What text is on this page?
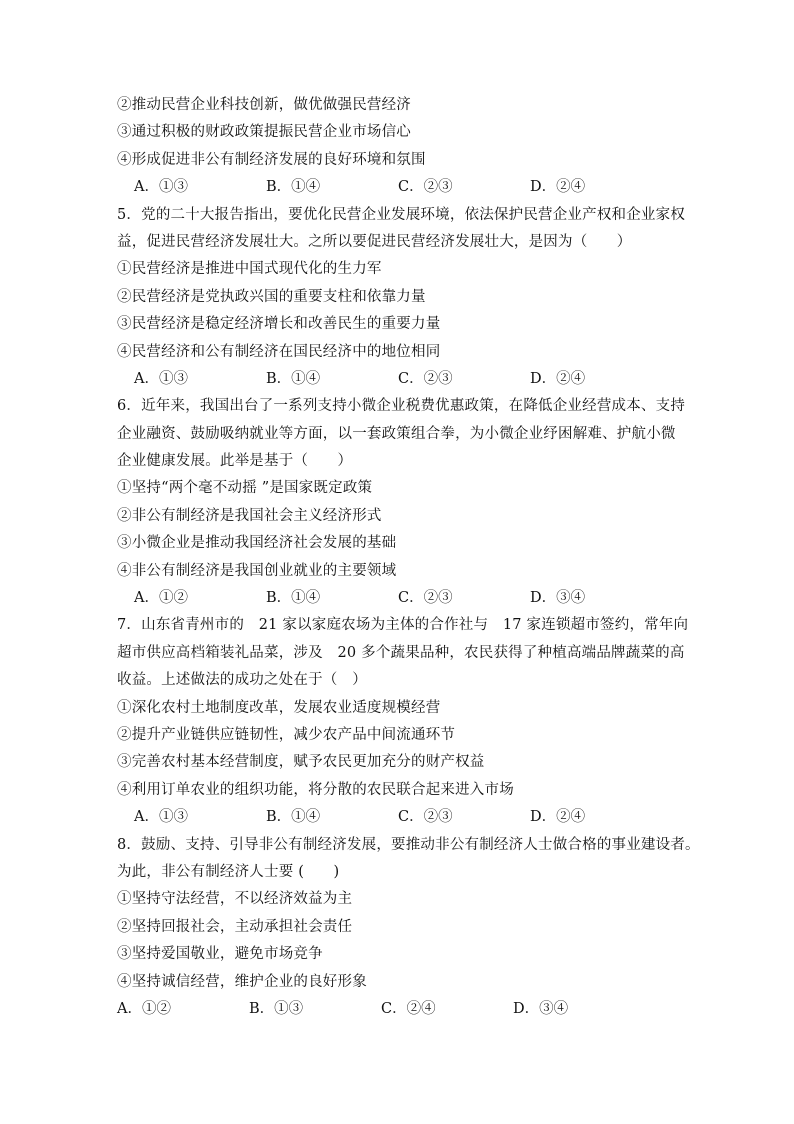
②推动民营企业科技创新，做优做强民营经济
③通过积极的财政政策提振民营企业市场信心
④形成促进非公有制经济发展的良好环境和氛围
A．①③	B．①④	C．②③	D．②④
5．党的二十大报告指出，要优化民营企业发展环境，依法保护民营企业产权和企业家权
益，促进民营经济发展壮大。之所以要促进民营经济发展壮大，是因为（　　）
①民营经济是推进中国式现代化的生力军
②民营经济是党执政兴国的重要支柱和依靠力量
③民营经济是稳定经济增长和改善民生的重要力量
④民营经济和公有制经济在国民经济中的地位相同
A．①③	B．①④	C．②③	D．②④
6．近年来，我国出台了一系列支持小微企业税费优惠政策，在降低企业经营成本、支持
企业融资、鼓励吸纳就业等方面，以一套政策组合拳，为小微企业纾困解难、护航小微
企业健康发展。此举是基于（　　）
①坚持“两个毫不动摇 ”是国家既定政策
②非公有制经济是我国社会主义经济形式
③小微企业是推动我国经济社会发展的基础
④非公有制经济是我国创业就业的主要领域
A．①②	B．①④	C．②③	D．③④
7．山东省青州市的　21 家以家庭农场为主体的合作社与　17 家连锁超市签约，常年向
超市供应高档箱装礼品菜，涉及　20 多个蔬果品种，农民获得了种植高端品牌蔬菜的高
收益。上述做法的成功之处在于（　）
①深化农村土地制度改革，发展农业适度规模经营
②提升产业链供应链韧性，减少农产品中间流通环节
③完善农村基本经营制度，赋予农民更加充分的财产权益
④利用订单农业的组织功能，将分散的农民联合起来进入市场
A．①③	B．①④	C．②③	D．②④
8．鼓励、支持、引导非公有制经济发展，要推动非公有制经济人士做合格的事业建设者。
为此，非公有制经济人士要 (　　)
①坚持守法经营，不以经济效益为主
②坚持回报社会，主动承担社会责任
③坚持爱国敬业，避免市场竞争
④坚持诚信经营，维护企业的良好形象
A．①②	B．①③	C．②④	D．③④
